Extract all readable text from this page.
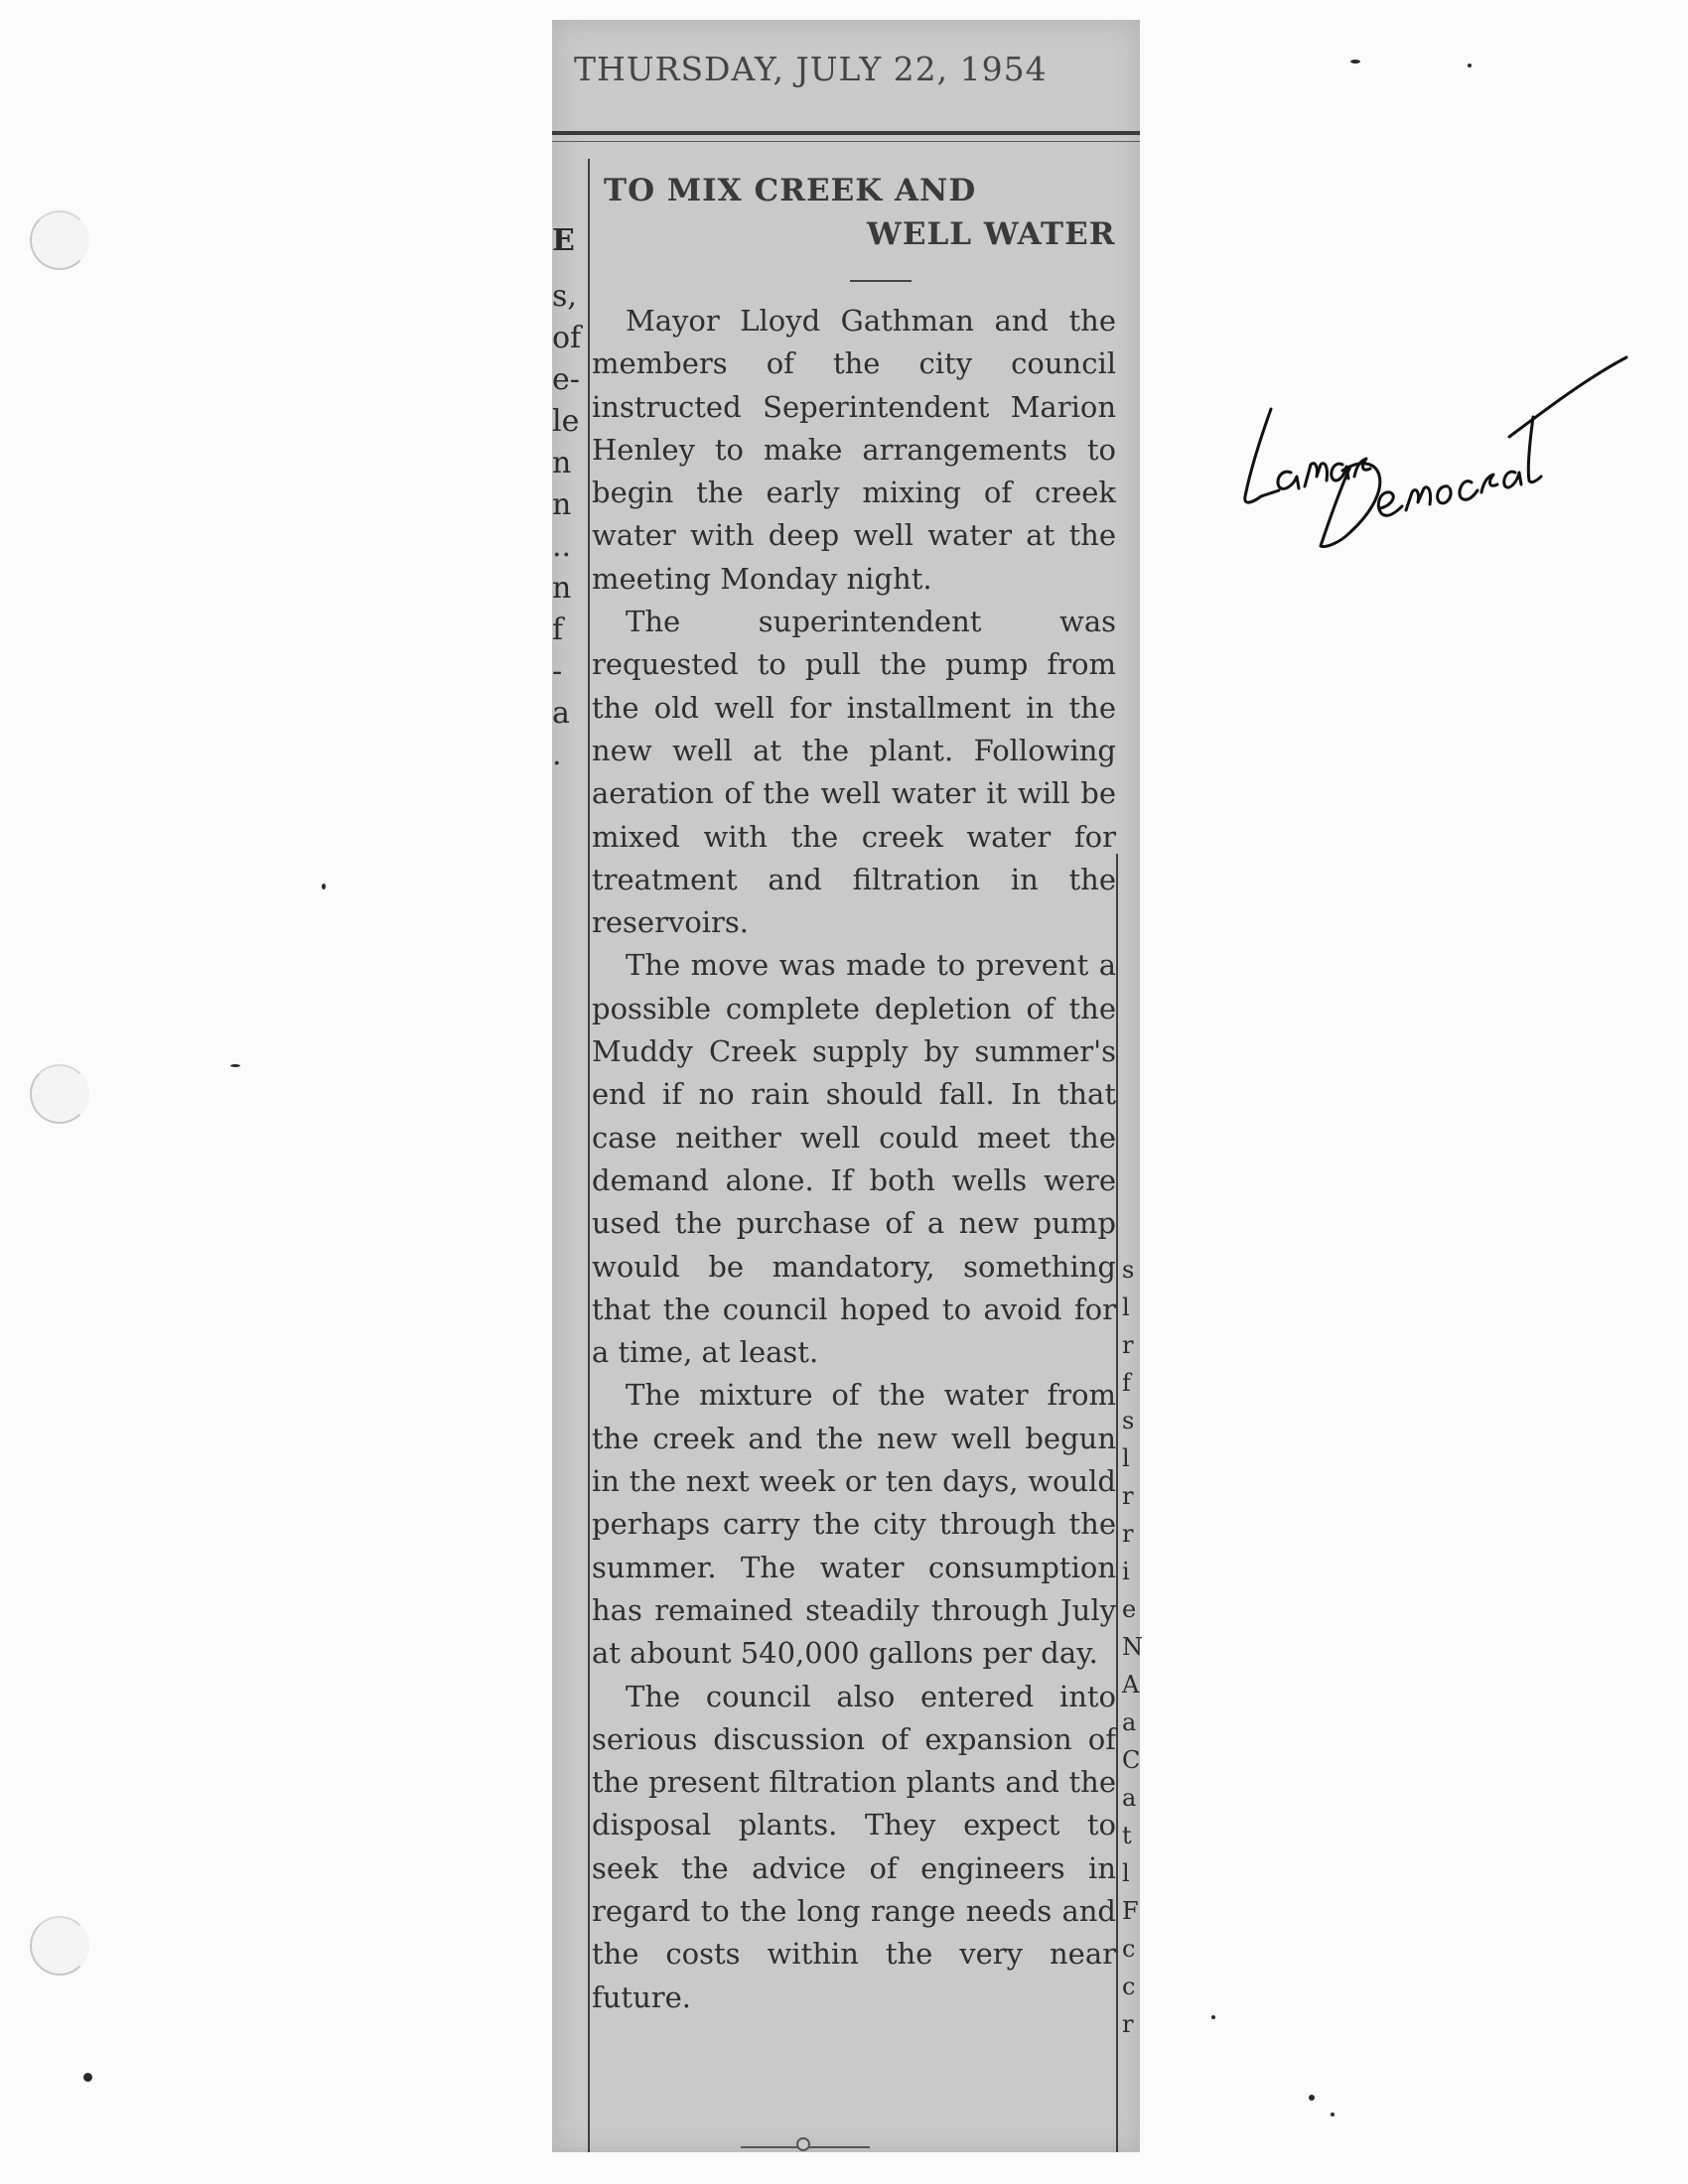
THURSDAY, JULY 22, 1954
E
s,
of
e-
le
n
n
..
n
f
-
a
.
s
l
r
f
s
l
r
r
i
e
N
A
a
C
a
t
l
F
c
c
r
TO MIX CREEK AND
WELL WATER

Mayor Lloyd Gathman and the members of the city council instructed Seperintendent Marion Henley to make arrangements to begin the early mixing of creek water with deep well water at the meeting Monday night.

The superintendent was requested to pull the pump from the old well for installment in the new well at the plant. Following aeration of the well water it will be mixed with the creek water for treatment and filtration in the reservoirs.

The move was made to prevent a possible complete depletion of the Muddy Creek supply by summer's end if no rain should fall. In that case neither well could meet the demand alone. If both wells were used the purchase of a new pump would be mandatory, something that the council hoped to avoid for a time, at least.

The mixture of the water from the creek and the new well begun in the next week or ten days, would perhaps carry the city through the summer. The water consumption has remained steadily through July at abount 540,000 gallons per day.

The council also entered into serious discussion of expansion of the present filtration plants and the disposal plants. They expect to seek the advice of engineers in regard to the long range needs and the costs within the very near future.
